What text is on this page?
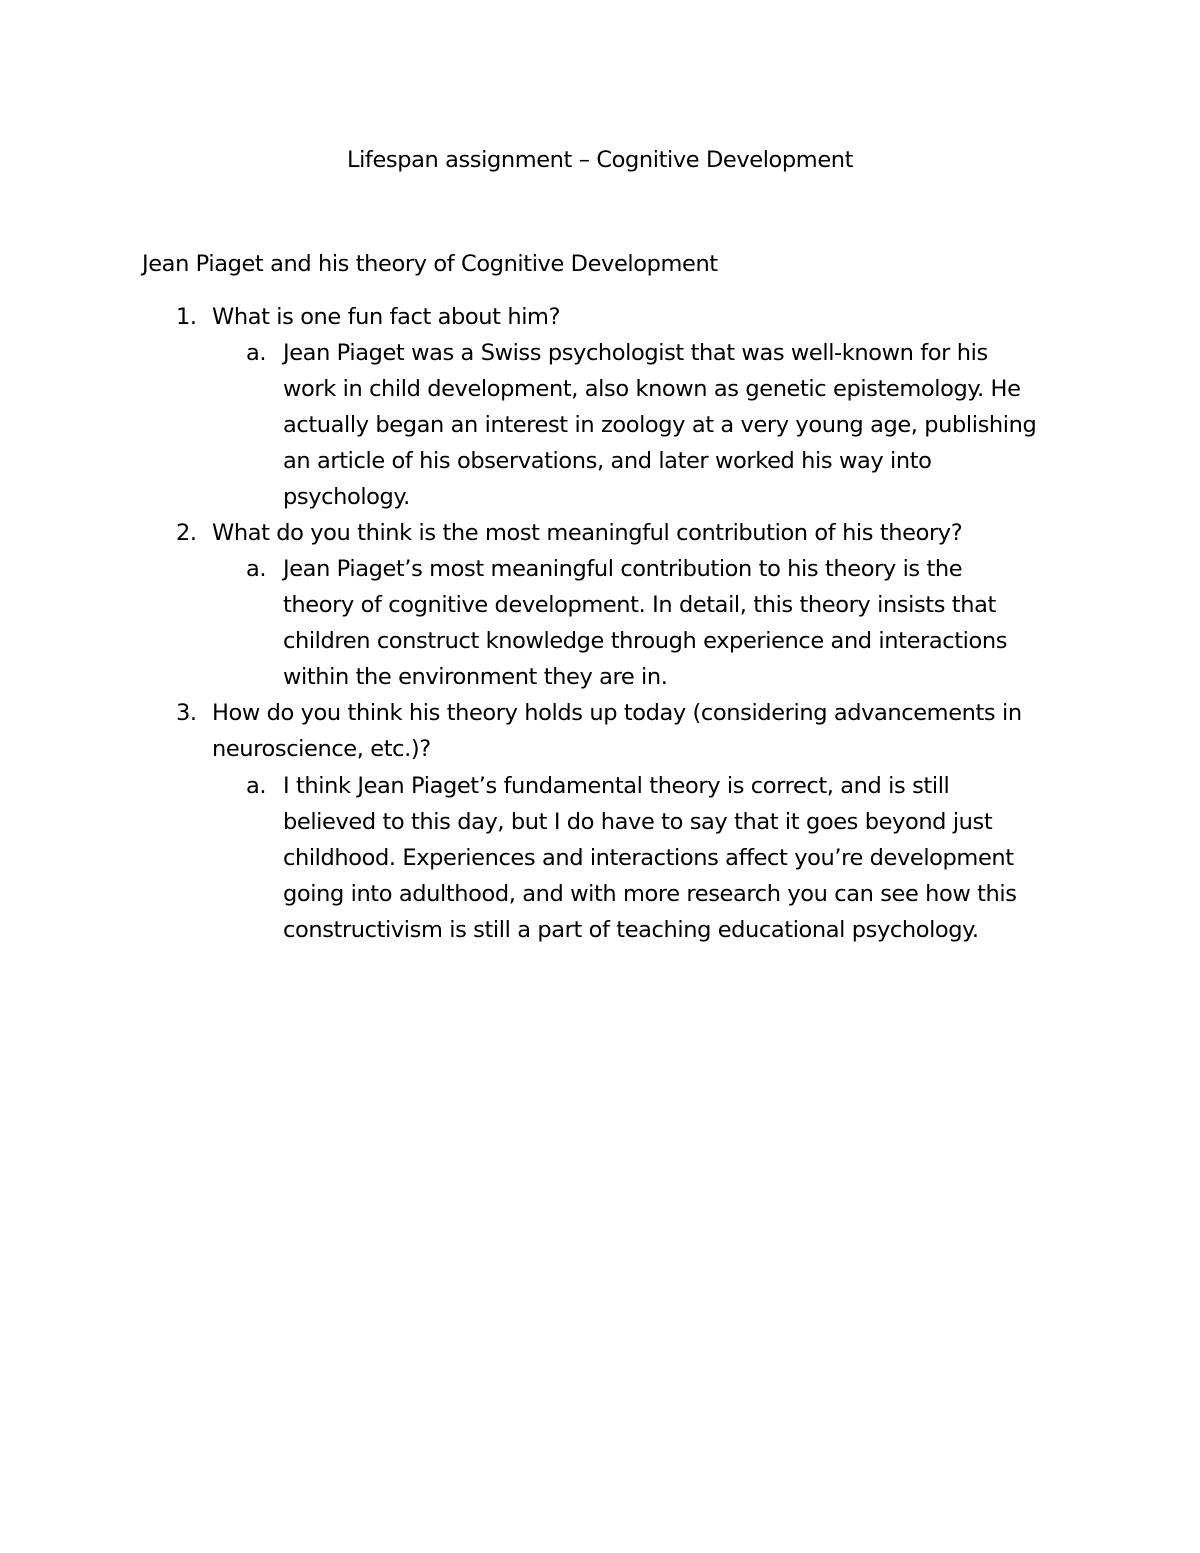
Lifespan assignment – Cognitive Development
Jean Piaget and his theory of Cognitive Development
1. What is one fun fact about him?
a. Jean Piaget was a Swiss psychologist that was well-known for his
work in child development, also known as genetic epistemology. He
actually began an interest in zoology at a very young age, publishing
an article of his observations, and later worked his way into
psychology.
2. What do you think is the most meaningful contribution of his theory?
a. Jean Piaget’s most meaningful contribution to his theory is the
theory of cognitive development. In detail, this theory insists that
children construct knowledge through experience and interactions
within the environment they are in.
3. How do you think his theory holds up today (considering advancements in
neuroscience, etc.)?
a. I think Jean Piaget’s fundamental theory is correct, and is still
believed to this day, but I do have to say that it goes beyond just
childhood. Experiences and interactions affect you’re development
going into adulthood, and with more research you can see how this
constructivism is still a part of teaching educational psychology.
